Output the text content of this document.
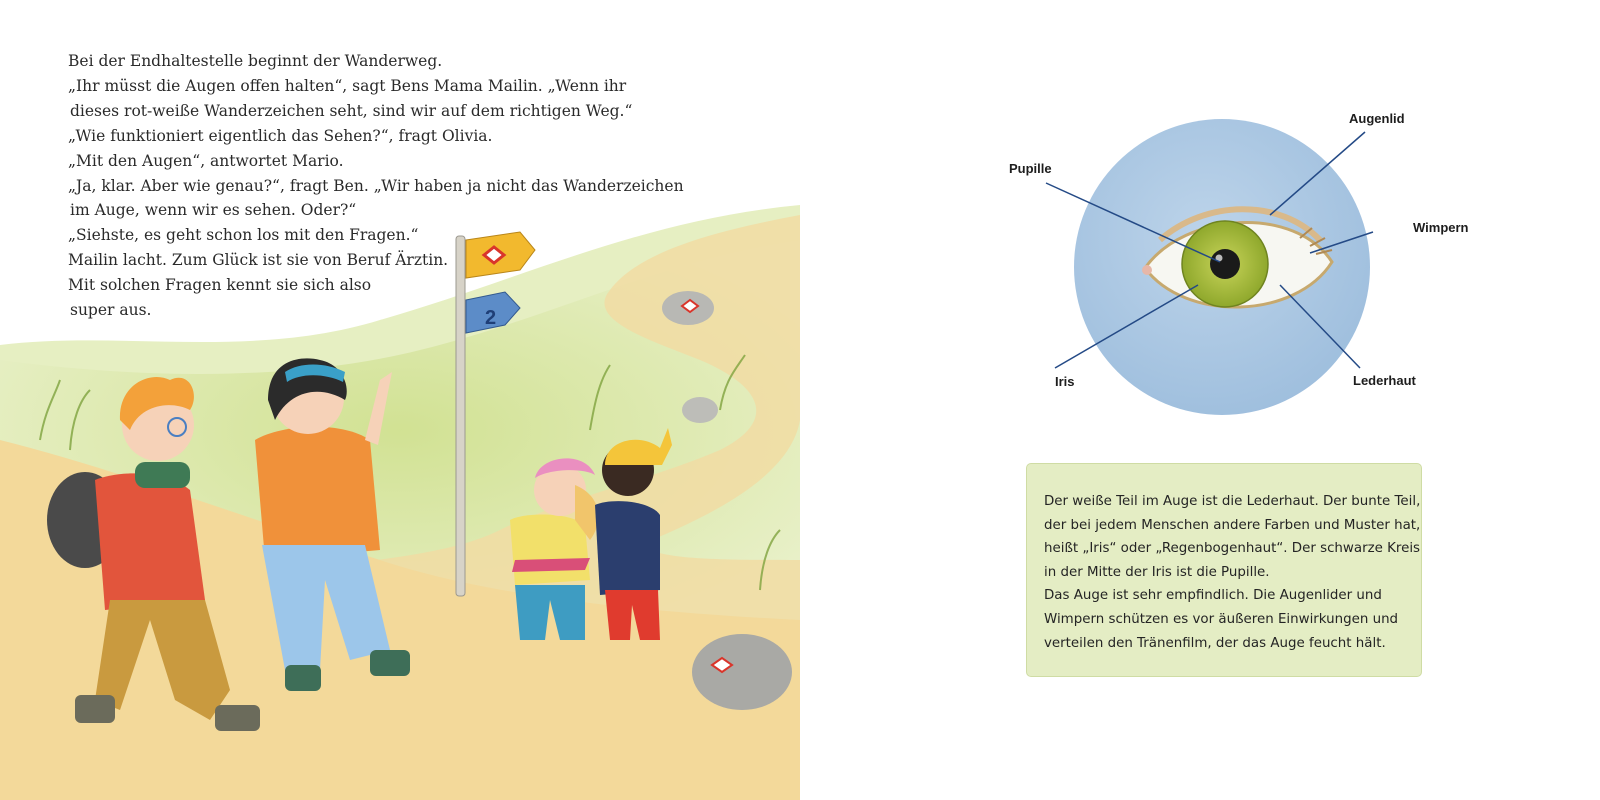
2
Bei der Endhaltestelle beginnt der Wanderweg.
„Ihr müsst die Augen offen halten“, sagt Bens Mama Mailin. „Wenn ihr
dieses rot-weiße Wanderzeichen seht, sind wir auf dem richtigen Weg.“
„Wie funktioniert eigentlich das Sehen?“, fragt Olivia.
„Mit den Augen“, antwortet Mario.
„Ja, klar. Aber wie genau?“, fragt Ben. „Wir haben ja nicht das Wanderzeichen
im Auge, wenn wir es sehen. Oder?“
„Siehste, es geht schon los mit den Fragen.“
Mailin lacht. Zum Glück ist sie von Beruf Ärztin.
Mit solchen Fragen kennt sie sich also
super aus.
Augenlid
Pupille
Wimpern
Iris	Lederhaut
Der weiße Teil im Auge ist die Lederhaut. Der bunte Teil,
der bei jedem Menschen andere Farben und Muster hat,
heißt „Iris“ oder „Regenbogenhaut“. Der schwarze Kreis
in der Mitte der Iris ist die Pupille.
Das Auge ist sehr empfindlich. Die Augenlider und
Wimpern schützen es vor äußeren Einwirkungen und
verteilen den Tränenfilm, der das Auge feucht hält.
